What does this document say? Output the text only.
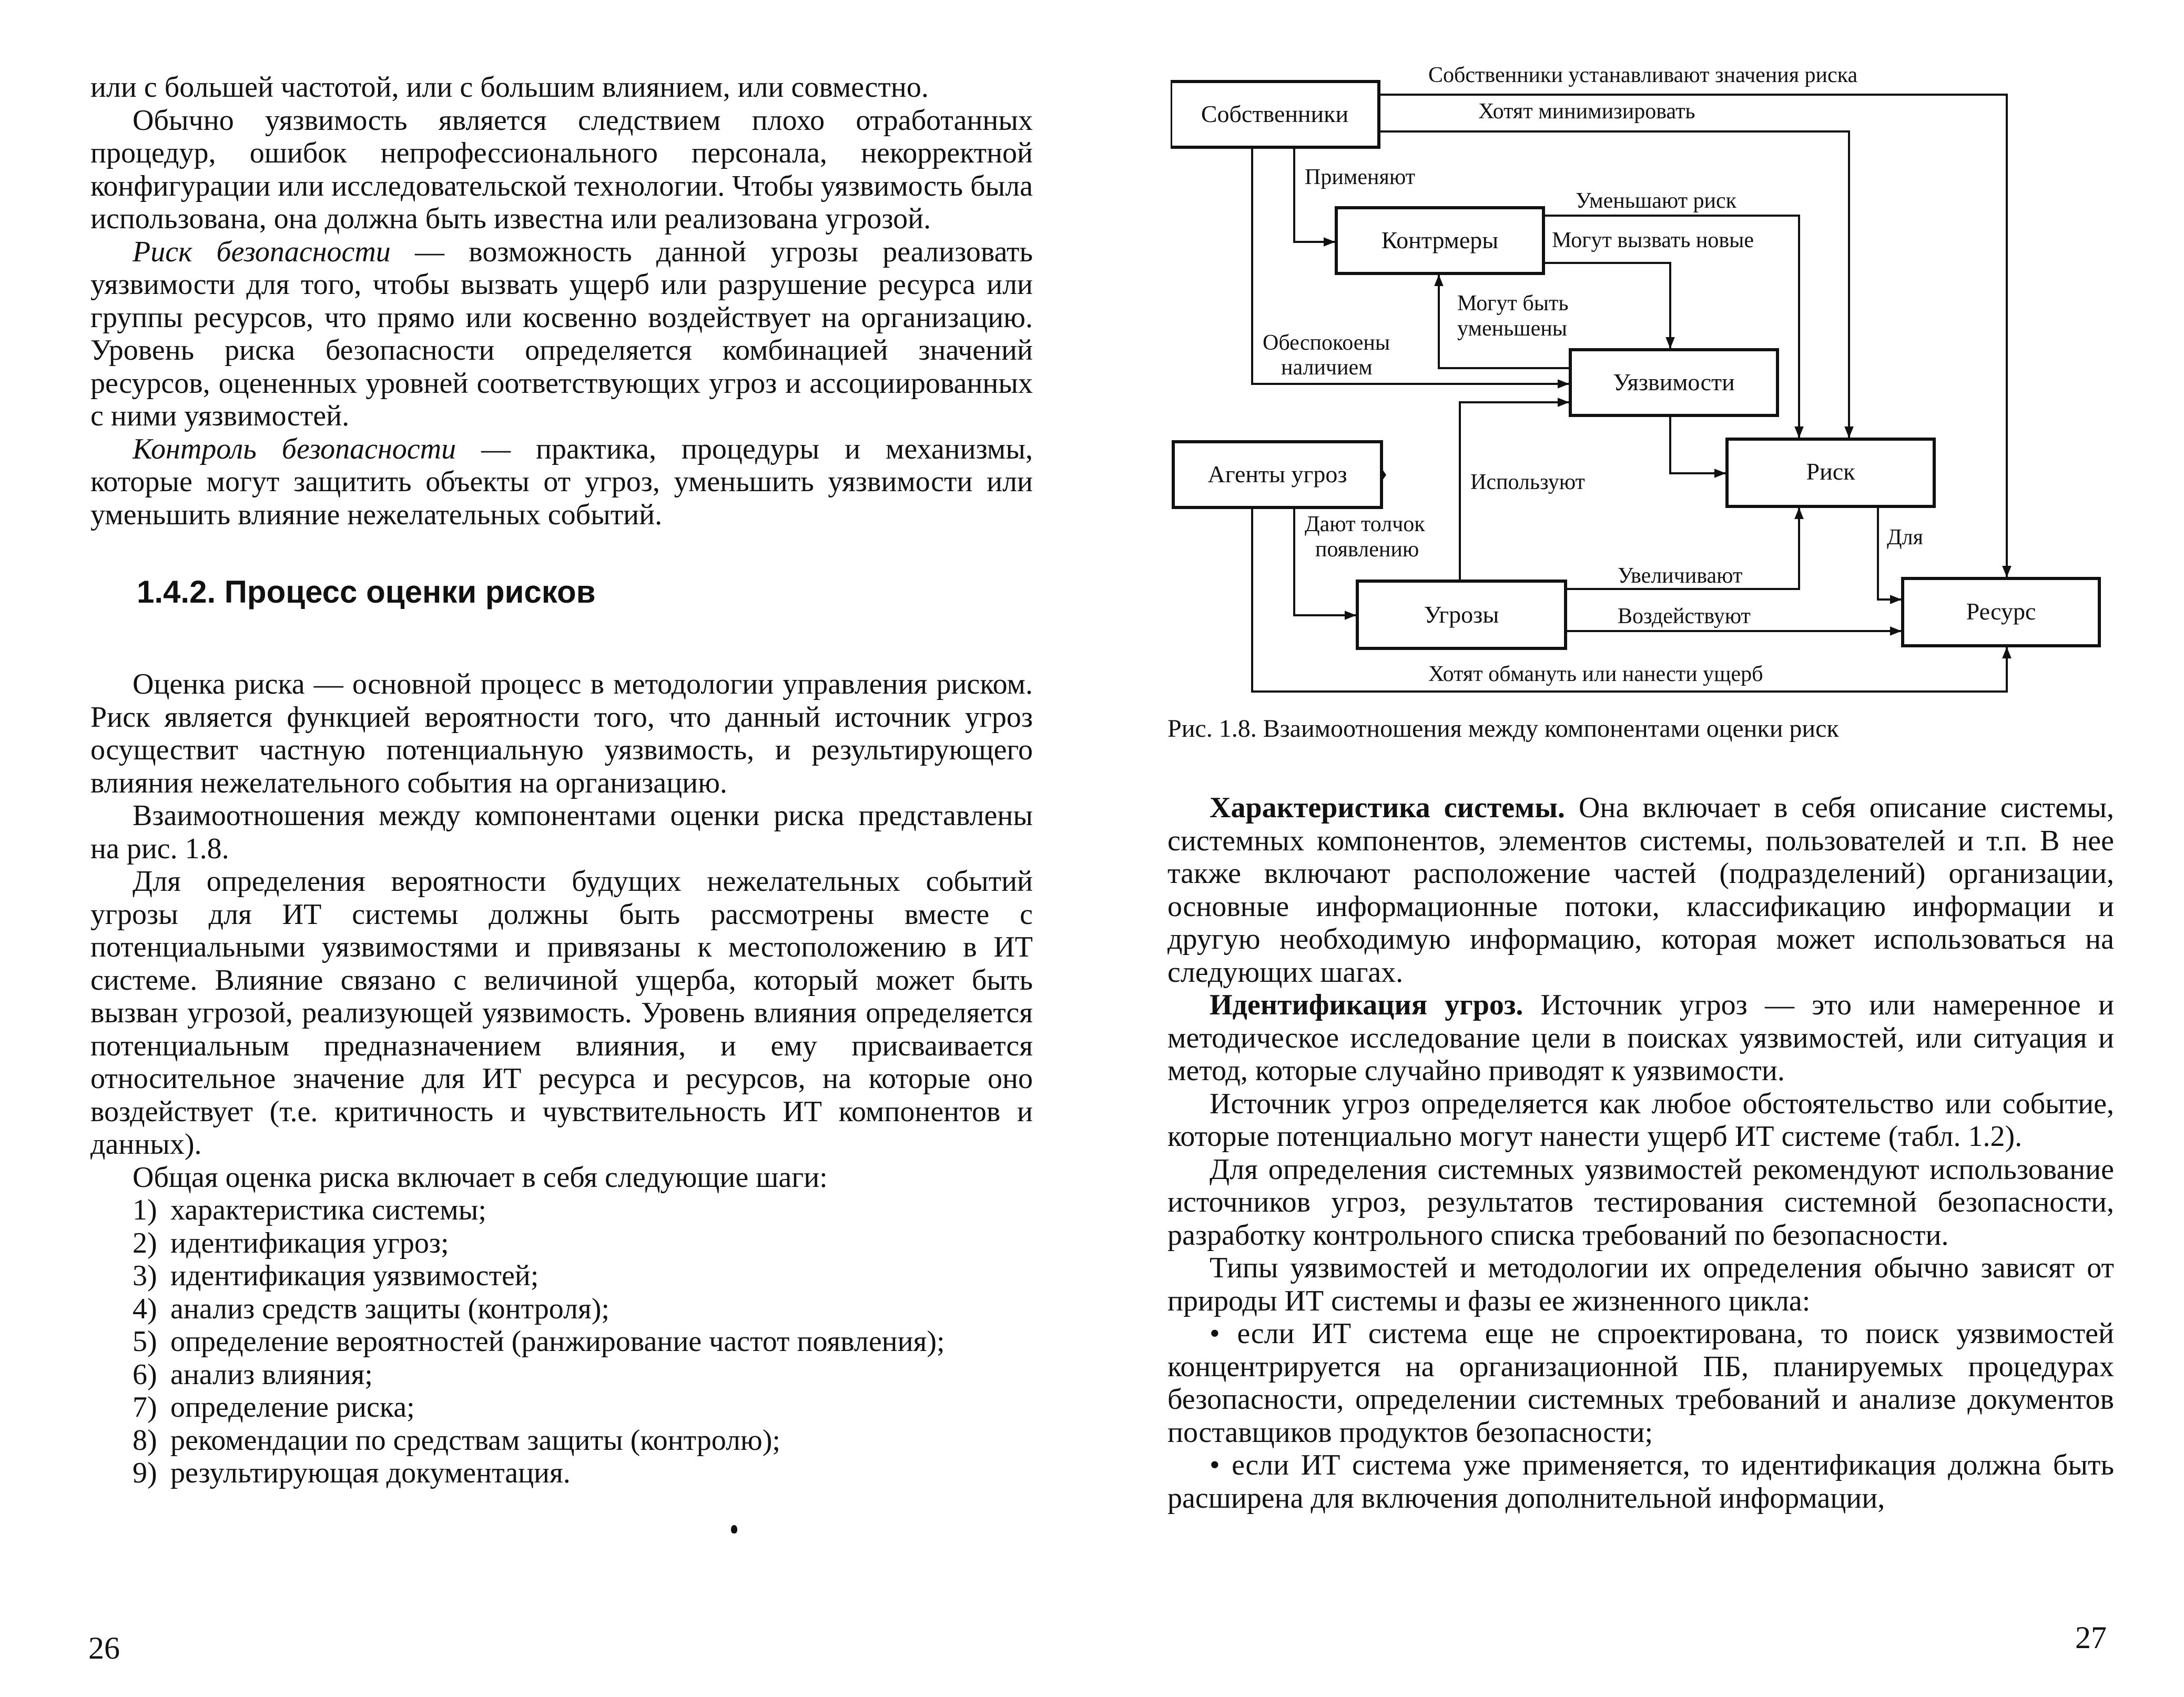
или с большей частотой, или с большим влиянием, или совместно.

Обычно уязвимость является следствием плохо отработанных процедур, ошибок непрофессионального персонала, некорректной конфигурации или исследовательской технологии. Чтобы уязвимость была использована, она должна быть известна или реализована угрозой.

Риск безопасности — возможность данной угрозы реализовать уязвимости для того, чтобы вызвать ущерб или разрушение ресурса или группы ресурсов, что прямо или косвенно воздействует на организацию. Уровень риска безопасности определяется комбинацией значений ресурсов, оцененных уровней соответствующих угроз и ассоциированных с ними уязвимостей.

Контроль безопасности — практика, процедуры и механизмы, которые могут защитить объекты от угроз, уменьшить уязвимости или уменьшить влияние нежелательных событий.

1.4.2. Процесс оценки рисков

Оценка риска — основной процесс в методологии управления риском. Риск является функцией вероятности того, что данный источник угроз осуществит частную потенциальную уязвимость, и результирующего влияния нежелательного события на организацию.

Взаимоотношения между компонентами оценки риска представлены на рис. 1.8.

Для определения вероятности будущих нежелательных событий угрозы для ИТ системы должны быть рассмотрены вместе с потенциальными уязвимостями и привязаны к местоположению в ИТ системе. Влияние связано с величиной ущерба, который может быть вызван угрозой, реализующей уязвимость. Уровень влияния определяется потенциальным предназначением влияния, и ему присваивается относительное значение для ИТ ресурса и ресурсов, на которые оно воздействует (т.е. критичность и чувствительность ИТ компонентов и данных).

Общая оценка риска включает в себя следующие шаги:

1) характеристика системы;
2) идентификация угроз;
3) идентификация уязвимостей;
4) анализ средств защиты (контроля);
5) определение вероятностей (ранжирование частот появления);
6) анализ влияния;
7) определение риска;
8) рекомендации по средствам защиты (контролю);
9) результирующая документация.
26
Собственники
Контрмеры
Уязвимости
Агенты угроз	Риск
Угрозы	Ресурс
Собственники устанавливают значения риска
Хотят минимизировать
Применяют
Уменьшают риск
Могут вызвать новые
Могут быть
уменьшены
Обеспокоены
наличием
Используют
Дают толчок
появлению
Увеличивают
Воздействуют
Для
Хотят обмануть или нанести ущерб
Рис. 1.8. Взаимоотношения между компонентами оценки риск

Характеристика системы. Она включает в себя описание системы, системных компонентов, элементов системы, пользователей и т.п. В нее также включают расположение частей (подразделений) организации, основные информационные потоки, классификацию информации и другую необходимую информацию, которая может использоваться на следующих шагах.

Идентификация угроз. Источник угроз — это или намеренное и методическое исследование цели в поисках уязвимостей, или ситуация и метод, которые случайно приводят к уязвимости.

Источник угроз определяется как любое обстоятельство или событие, которые потенциально могут нанести ущерб ИТ системе (табл. 1.2).

Для определения системных уязвимостей рекомендуют использование источников угроз, результатов тестирования системной безопасности, разработку контрольного списка требований по безопасности.

Типы уязвимостей и методологии их определения обычно зависят от природы ИТ системы и фазы ее жизненного цикла:

• если ИТ система еще не спроектирована, то поиск уязвимостей концентрируется на организационной ПБ, планируемых процедурах безопасности, определении системных требований и анализе документов поставщиков продуктов безопасности;

• если ИТ система уже применяется, то идентификация должна быть расширена для включения дополнительной информации,

27
